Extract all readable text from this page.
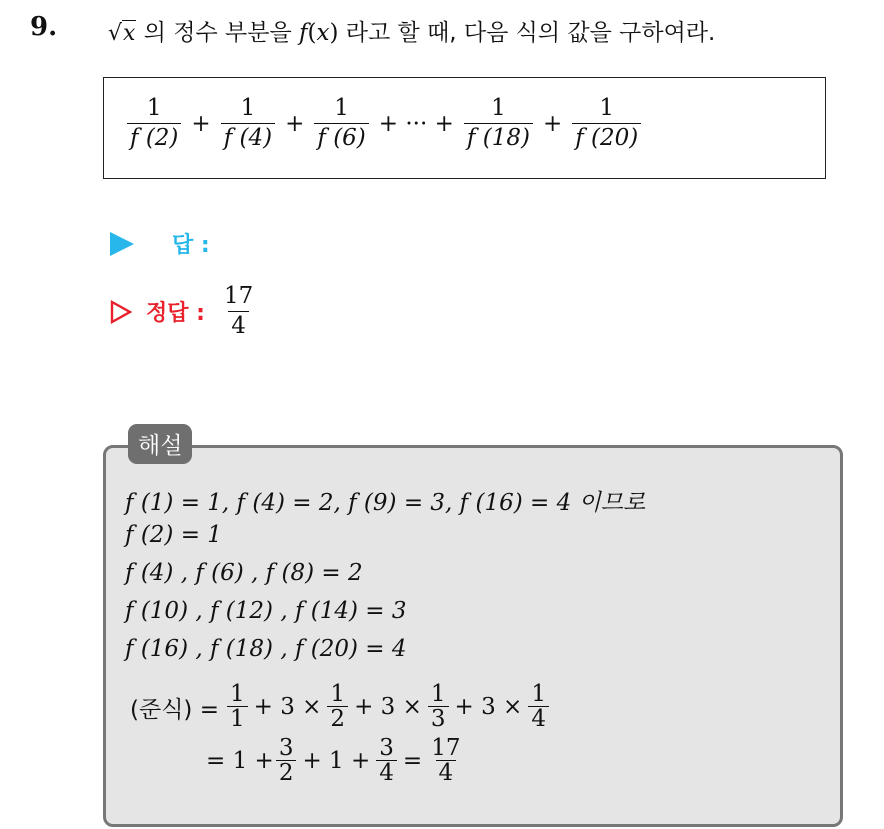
9. √x 의 정수 부분을 f(x) 라고 할 때, 다음 식의 값을 구하여라.
$\frac{1}{f (2)} + \frac{1}{f (4)} + \frac{1}{f (6)}$ + ··· + $\frac{1}{f (18)} + \frac{1}{f (20)}$
답 :
정답 : $\frac{17}{4}$
해설
f (1) = 1, f (4) = 2, f (9) = 3, f (16) = 4 이므로
f (2) = 1
f (4) , f (6) , f (8) = 2
f (10) , f (12) , f (14) = 3
f (16) , f (18) , f (20) = 4
(준식) = $\frac{1}{1} + 3 \times \frac{1}{2} + 3 \times \frac{1}{3} + 3 \times \frac{1}{4}$
= $1 + \frac{3}{2} + 1 + \frac{3}{4} = \frac{17}{4}$
